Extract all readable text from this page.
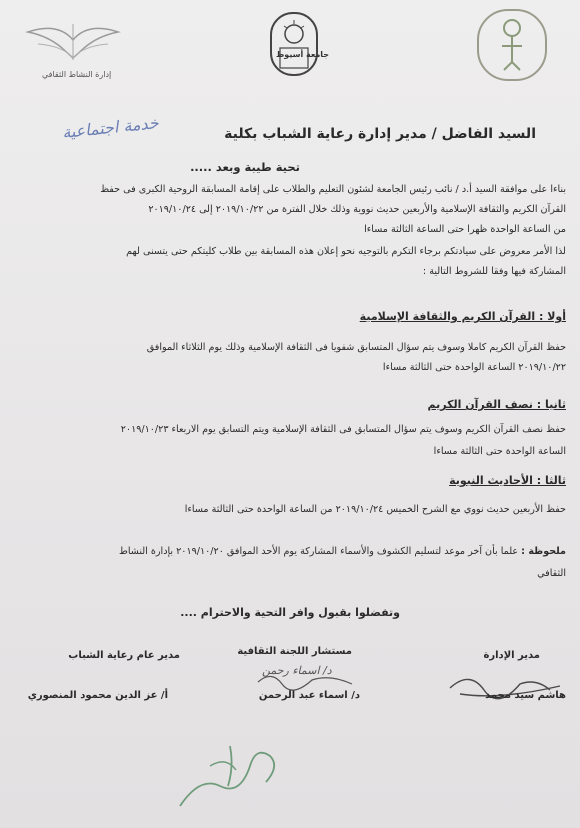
إدارة النشاط الثقافي
جامعة أسيوط
السيد الفاضل / مدير إدارة رعاية الشباب بكلية
خدمة اجتماعية
تحية طيبة وبعد .....
بناءا على موافقة السيد أ.د / نائب رئيس الجامعة لشئون التعليم والطلاب على إقامة المسابقة الروحية الكبرى فى حفظ
القرآن الكريم والثقافة الإسلامية والأربعين حديث نووية وذلك خلال الفترة من ٢٠١٩/١٠/٢٢ إلى ٢٠١٩/١٠/٢٤
من الساعة الواحدة ظهرا حتى الساعة الثالثة مساءا
لذا الأمر معروض على سيادتكم برجاء التكرم بالتوجيه نحو إعلان هذه المسابقة بين طلاب كليتكم حتى يتسنى لهم
المشاركة فيها وفقا للشروط التالية :
أولا : القرآن الكريم والثقافة الإسلامية
حفظ القرآن الكريم كاملا وسوف يتم سؤال المتسابق شفويا فى الثقافة الإسلامية وذلك يوم الثلاثاء الموافق
٢٠١٩/١٠/٢٢ الساعة الواحدة حتى الثالثة مساءا
ثانيا : نصف القرآن الكريم
حفظ نصف القرآن الكريم وسوف يتم سؤال المتسابق فى الثقافة الإسلامية ويتم التسابق يوم الاربعاء ٢٠١٩/١٠/٢٣
الساعة الواحدة حتى الثالثة مساءا
ثالثا : الأحاديث النبوية
حفظ الأربعين حديث نووي مع الشرح الخميس ٢٠١٩/١٠/٢٤ من الساعة الواحدة حتى الثالثة مساءا
ملحوظة : علما بأن آخر موعد لتسليم الكشوف والأسماء المشاركة يوم الأحد الموافق ٢٠١٩/١٠/٢٠ بإدارة النشاط
الثقافي
وتفضلوا بقبول وافر التحية والاحترام ....
مدير الإدارة
مستشار اللجنة الثقافية
مدير عام رعاية الشباب
د/ اسماء رحمن
هاشم سيد محمد
د/ اسماء عبد الرحمن
أ/ عز الدين محمود المنصوري
